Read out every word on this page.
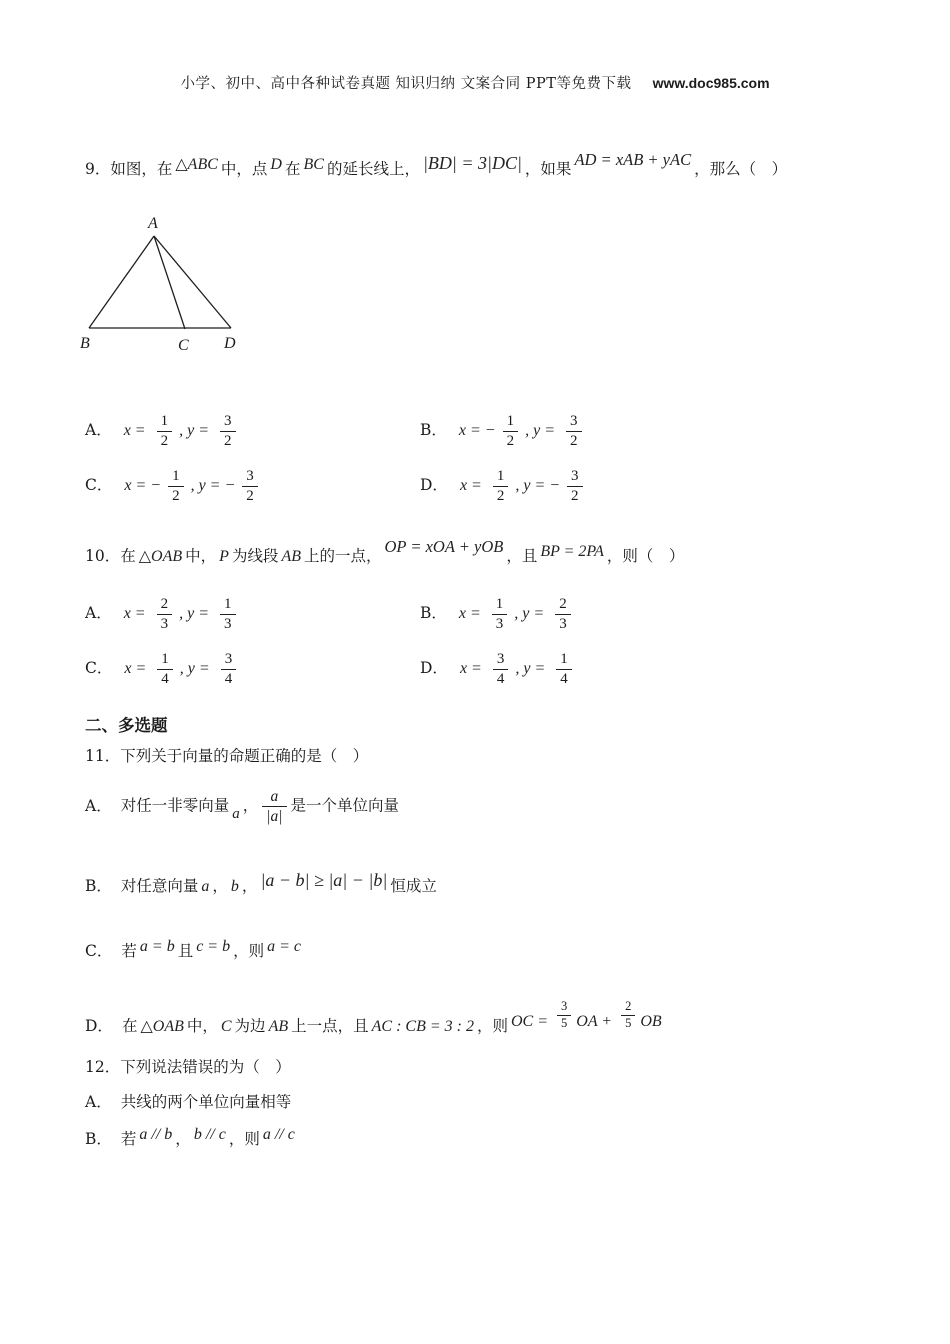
小学、初中、高中各种试卷真题 知识归纳 文案合同 PPT等免费下载 www.doc985.com
9．如图，在 △ABC 中，点 D 在 BC 的延长线上， |BD| = 3|DC| ，如果 AD = xAB + yAC ，那么（　）
A
B	C D
A． $x = \frac{1}{2}$ , $y = \frac{3}{2}$	B． x = − $\frac{1}{2}$ , $y = \frac{3}{2}$
C． x = − $\frac{1}{2}$ , y = − $\frac{3}{2}$	D． $x = \frac{1}{2}$ , y = − $\frac{3}{2}$
10．在 △OAB 中， P 为线段 AB 上的一点， OP = xOA + yOB ，且 BP = 2PA ，则（　）
A． $x = \frac{2}{3}$ , $y = \frac{1}{3}$	B． $x = \frac{1}{3}$ , $y = \frac{2}{3}$
C． $x = \frac{1}{4}$ , $y = \frac{3}{4}$	D． $x = \frac{3}{4}$ , $y = \frac{1}{4}$
二、多选题
11．下列关于向量的命题正确的是（　）
A． 对任一非零向量 a ， $\frac{a}{|a|}$ 是一个单位向量
B． 对任意向量 a ， b ， |a − b| ≥ |a| − |b| 恒成立
C． 若 a = b 且 c = b ，则 a = c
D． 在 △OAB 中， C 为边 AB 上一点，且 AC : CB = 3 : 2 ，则 OC = $\frac{3}{5}$ OA + $\frac{2}{5}$ OB
12．下列说法错误的为（　）
A． 共线的两个单位向量相等
B． 若 a // b ， b // c ，则 a // c
